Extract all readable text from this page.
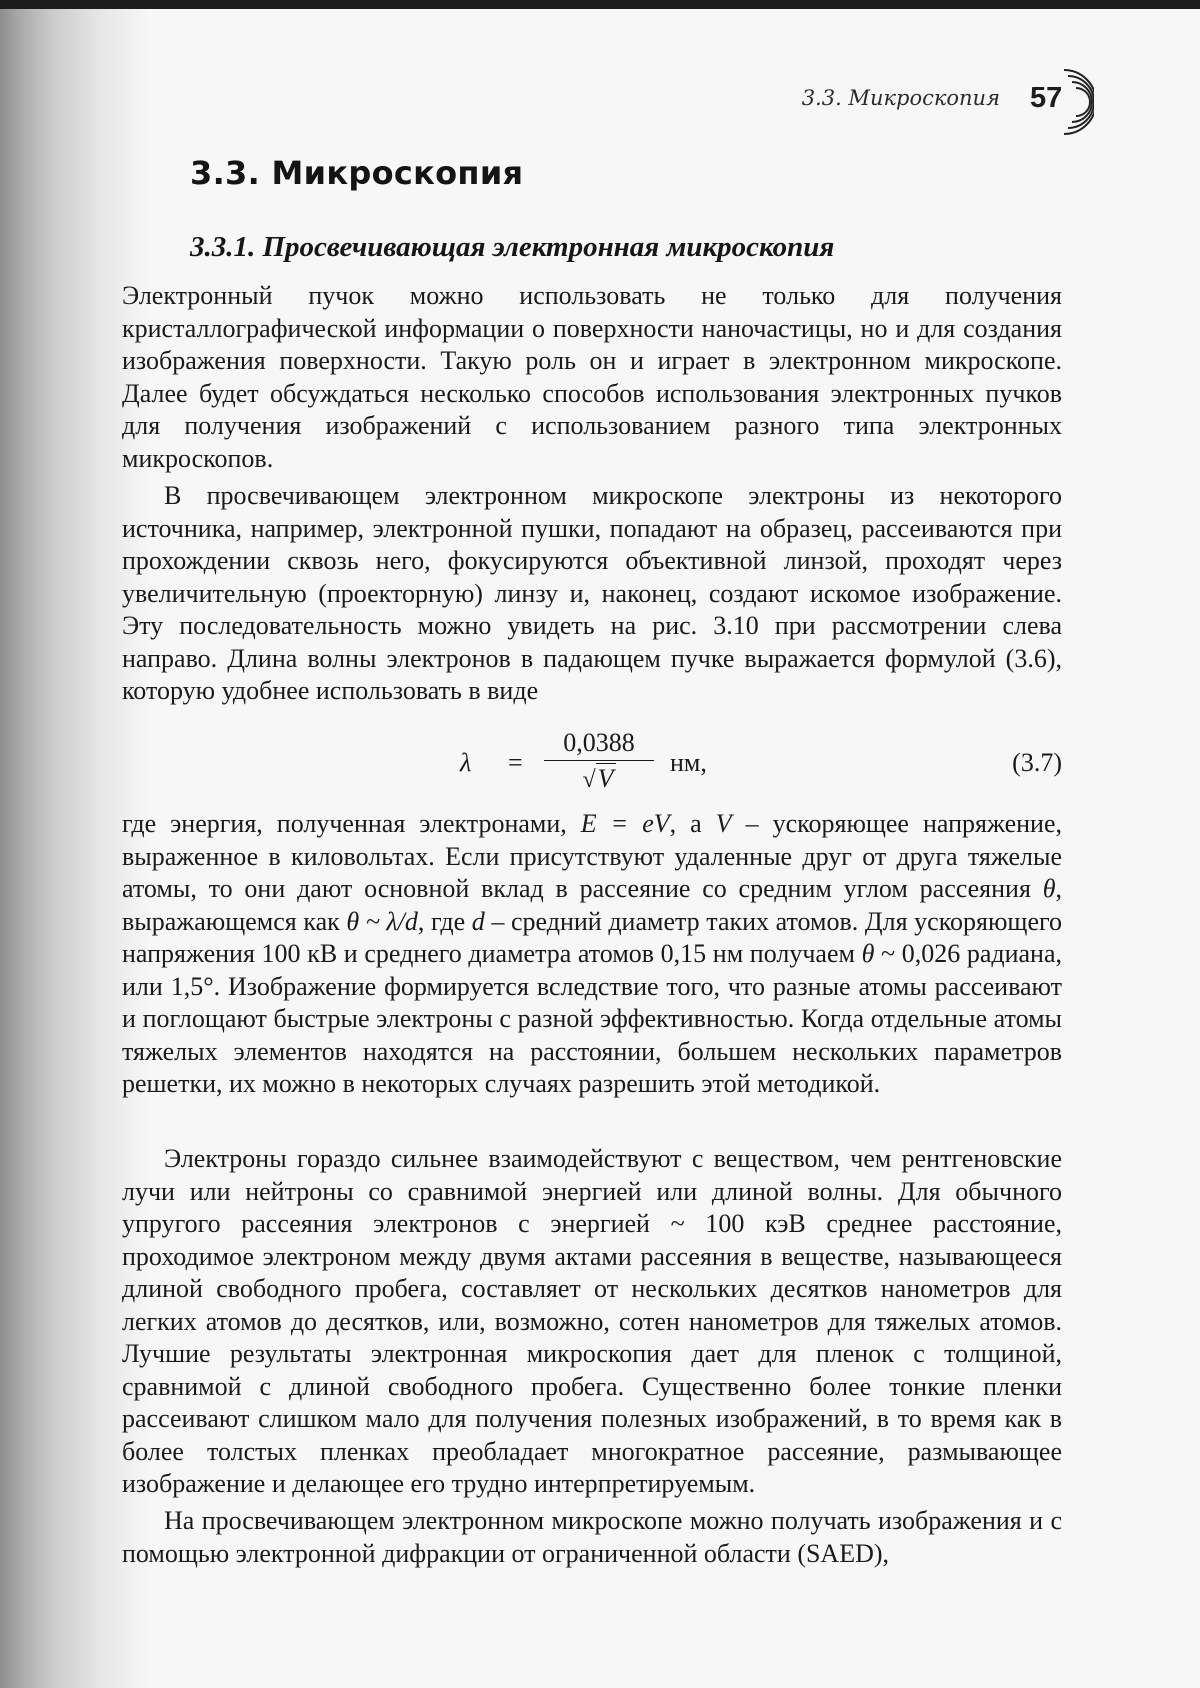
3.3. Микроскопия 57
3.3. Микроскопия
3.3.1. Просвечивающая электронная микроскопия
Электронный пучок можно использовать не только для получения кристаллографической информации о поверхности наночастицы, но и для создания изображения поверхности. Такую роль он и играет в электронном микроскопе. Далее будет обсуждаться несколько способов использования электронных пучков для получения изображений с использованием разного типа электронных микроскопов.
В просвечивающем электронном микроскопе электроны из некоторого источника, например, электронной пушки, попадают на образец, рассеиваются при прохождении сквозь него, фокусируются объективной линзой, проходят через увеличительную (проекторную) линзу и, наконец, создают искомое изображение. Эту последовательность можно увидеть на рис. 3.10 при рассмотрении слева направо. Длина волны электронов в падающем пучке выражается формулой (3.6), которую удобнее использовать в виде
λ =
0,0388
√V
нм,	(3.7)
где энергия, полученная электронами, E = eV, а V – ускоряющее напряжение, выраженное в киловольтах. Если присутствуют удаленные друг от друга тяжелые атомы, то они дают основной вклад в рассеяние со средним углом рассеяния θ, выражающемся как θ ~ λ/d, где d – средний диаметр таких атомов. Для ускоряющего напряжения 100 кВ и среднего диаметра атомов 0,15 нм получаем θ ~ 0,026 радиана, или 1,5°. Изображение формируется вследствие того, что разные атомы рассеивают и поглощают быстрые электроны с разной эффективностью. Когда отдельные атомы тяжелых элементов находятся на расстоянии, большем нескольких параметров решетки, их можно в некоторых случаях разрешить этой методикой.
Электроны гораздо сильнее взаимодействуют с веществом, чем рентгеновские лучи или нейтроны со сравнимой энергией или длиной волны. Для обычного упругого рассеяния электронов с энергией ~ 100 кэВ среднее расстояние, проходимое электроном между двумя актами рассеяния в веществе, называющееся длиной свободного пробега, составляет от нескольких десятков нанометров для легких атомов до десятков, или, возможно, сотен нанометров для тяжелых атомов. Лучшие результаты электронная микроскопия дает для пленок с толщиной, сравнимой с длиной свободного пробега. Существенно более тонкие пленки рассеивают слишком мало для получения полезных изображений, в то время как в более толстых пленках преобладает многократное рассеяние, размывающее изображение и делающее его трудно интерпретируемым.
На просвечивающем электронном микроскопе можно получать изображения и с помощью электронной дифракции от ограниченной области (SAED),
